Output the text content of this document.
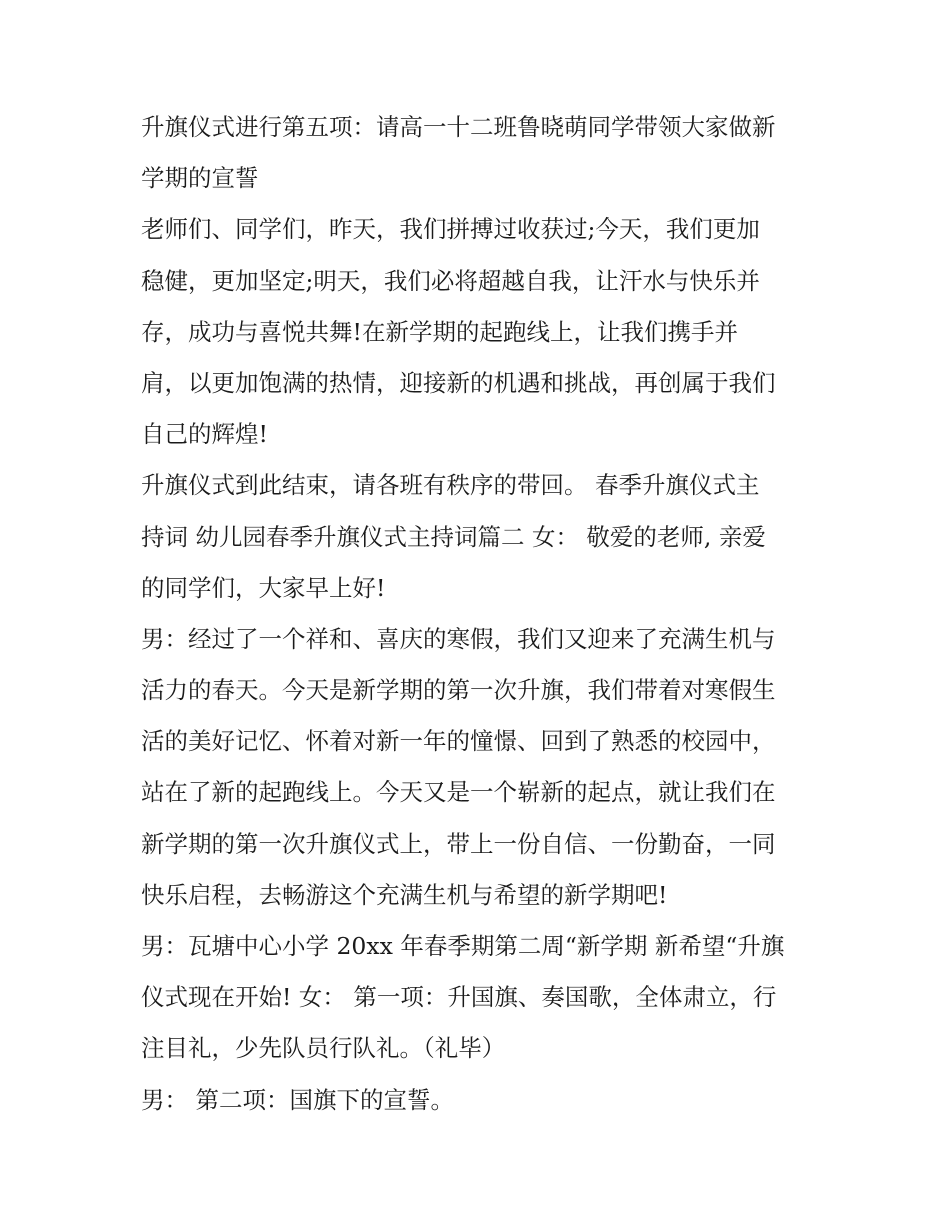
升旗仪式进行第五项：请高一十二班鲁晓萌同学带领大家做新
学期的宣誓
老师们、同学们，昨天，我们拼搏过收获过;今天，我们更加
稳健，更加坚定;明天，我们必将超越自我，让汗水与快乐并
存，成功与喜悦共舞!在新学期的起跑线上，让我们携手并
肩，以更加饱满的热情，迎接新的机遇和挑战，再创属于我们
自己的辉煌!
升旗仪式到此结束，请各班有秩序的带回。 春季升旗仪式主
持词 幼儿园春季升旗仪式主持词篇二 女： 敬爱的老师, 亲爱
的同学们，大家早上好!
男：经过了一个祥和、喜庆的寒假，我们又迎来了充满生机与
活力的春天。今天是新学期的第一次升旗，我们带着对寒假生
活的美好记忆、怀着对新一年的憧憬、回到了熟悉的校园中，
站在了新的起跑线上。今天又是一个崭新的起点，就让我们在
新学期的第一次升旗仪式上，带上一份自信、一份勤奋，一同
快乐启程，去畅游这个充满生机与希望的新学期吧!
男：瓦塘中心小学 20xx 年春季期第二周“新学期 新希望“升旗
仪式现在开始! 女： 第一项：升国旗、奏国歌，全体肃立，行
注目礼，少先队员行队礼。（礼毕）
男： 第二项：国旗下的宣誓。
